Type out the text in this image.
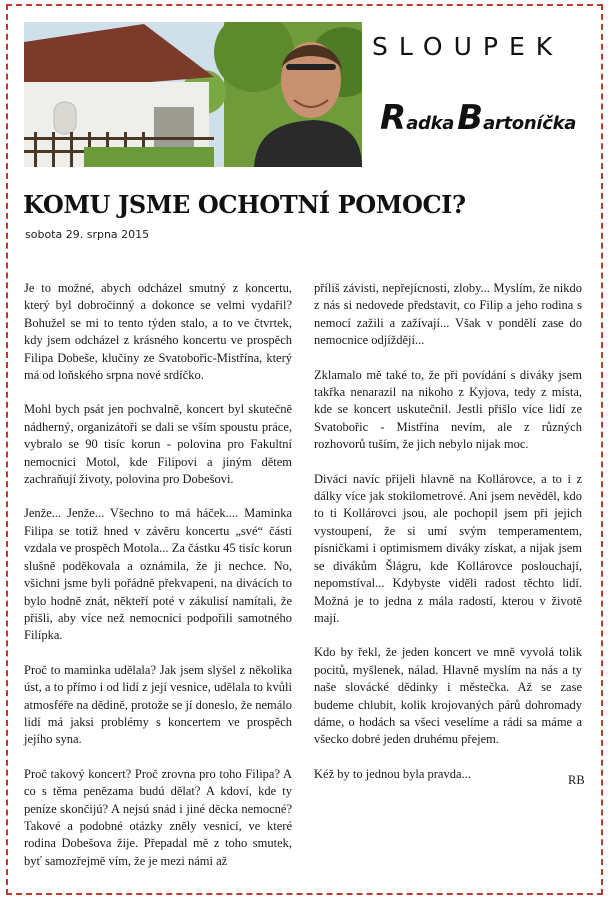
SLOUPEK
RadkaBartoníčka
KOMU JSME OCHOTNÍ POMOCI?
sobota 29. srpna 2015

Je to možné, abych odcházel smutný z koncertu, který byl dobročinný a dokonce se velmi vydařil? Bohužel se mi to tento týden stalo, a to ve čtvrtek, kdy jsem odcházel z krásného koncertu ve prospěch Filipa Dobeše, klučiny ze Svatobořic-Mistřína, který má od loňského srpna nové srdíčko.

Mohl bych psát jen pochvalně, koncert byl skutečně nádherný, organizátoři se dali se vším spoustu práce, vybralo se 90 tisíc korun - polovina pro Fakultní nemocnici Motol, kde Filipovi a jiným dětem zachraňují životy, polovina pro Dobešovi.

Jenže... Jenže... Všechno to má háček.... Maminka Filipa se totiž hned v závěru koncertu „své“ části vzdala ve prospěch Motola... Za částku 45 tisíc korun slušně poděkovala a oznámila, že ji nechce. No, všichni jsme byli pořádně překvapeni, na divácích to bylo hodně znát, někteří poté v zákulisí namítali, že přišli, aby více než nemocnici podpořili samotného Filípka.

Proč to maminka udělala? Jak jsem slyšel z několika úst, a to přímo i od lidí z její vesnice, udělala to kvůli atmosféře na dědině, protože se jí doneslo, že nemálo lidí má jaksi problémy s koncertem ve prospěch jejího syna.

Proč takový koncert? Proč zrovna pro toho Filipa? A co s těma penězama budú dělat? A kdoví, kde ty peníze skončijú? A nejsú snád i jiné děcka nemocné? Takové a podobné otázky zněly vesnicí, ve které rodina Dobešova žije. Přepadal mě z toho smutek, byť samozřejmě vím, že je mezi námi až

příliš závisti, nepřejícnosti, zloby... Myslím, že nikdo z nás si nedovede představit, co Filip a jeho rodina s nemocí zažili a zažívají... Však v pondělí zase do nemocnice odjíždějí...

Zklamalo mě také to, že při povídání s diváky jsem takřka nenarazil na nikoho z Kyjova, tedy z místa, kde se koncert uskutečnil. Jestli přišlo více lidí ze Svatobořic - Mistřína nevím, ale z různých rozhovorů tuším, že jich nebylo nijak moc.

Diváci navíc přijeli hlavně na Kollárovce, a to i z dálky více jak stokilometrové. Ani jsem nevěděl, kdo to ti Kollárovci jsou, ale pochopil jsem při jejich vystoupení, že si umí svým temperamentem, písničkami i optimismem diváky získat, a nijak jsem se divákům Šlágru, kde Kollárovce poslouchají, nepomstíval... Kdybyste viděli radost těchto lidí. Možná je to jedna z mála radostí, kterou v životě mají.

Kdo by řekl, že jeden koncert ve mně vyvolá tolik pocitů, myšlenek, nálad. Hlavně myslím na nás a ty naše slovácké dědinky i městečka. Až se zase budeme chlubit, kolik krojovaných párů dohromady dáme, o hodách sa všeci veselíme a rádi sa máme a všecko dobré jeden druhému přejem.

Kéž by to jednou byla pravda...	RB
